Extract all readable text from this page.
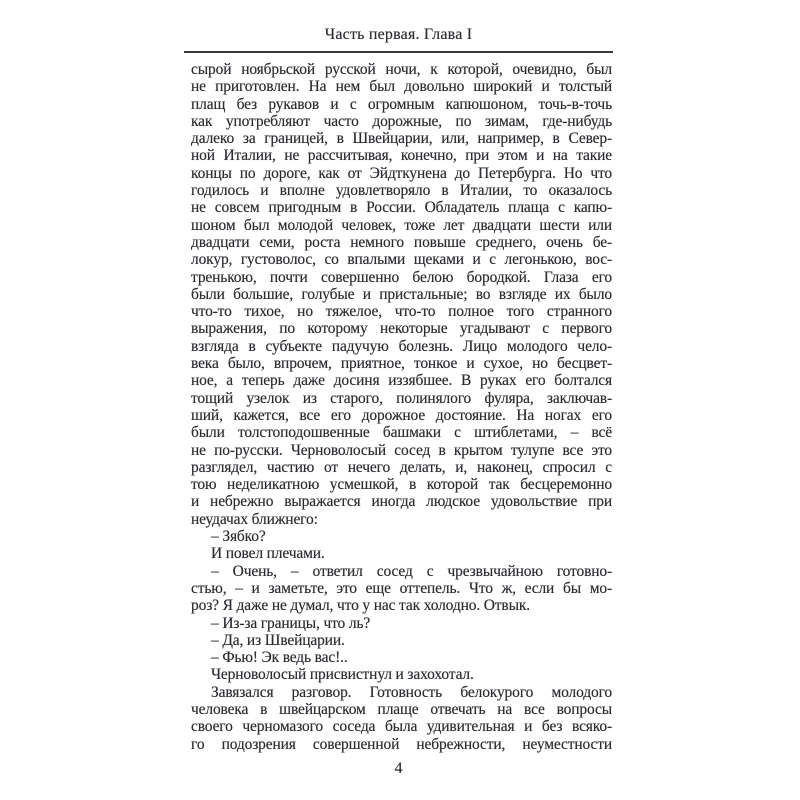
Часть первая. Глава I
сырой ноябрьской русской ночи, к которой, очевидно, был
не приготовлен. На нем был довольно широкий и толстый
плащ без рукавов и с огромным капюшоном, точь-в-точь
как употребляют часто дорожные, по зимам, где-нибудь
далеко за границей, в Швейцарии, или, например, в Север-
ной Италии, не рассчитывая, конечно, при этом и на такие
концы по дороге, как от Эйдткунена до Петербурга. Но что
годилось и вполне удовлетворяло в Италии, то оказалось
не совсем пригодным в России. Обладатель плаща с капю-
шоном был молодой человек, тоже лет двадцати шести или
двадцати семи, роста немного повыше среднего, очень бе-
локур, густоволос, со впалыми щеками и с легонькою, вос-
тренькою, почти совершенно белою бородкой. Глаза его
были большие, голубые и пристальные; во взгляде их было
что-то тихое, но тяжелое, что-то полное того странного
выражения, по которому некоторые угадывают с первого
взгляда в субъекте падучую болезнь. Лицо молодого чело-
века было, впрочем, приятное, тонкое и сухое, но бесцвет-
ное, а теперь даже досиня иззябшее. В руках его болтался
тощий узелок из старого, полинялого фуляра, заключав-
ший, кажется, все его дорожное достояние. На ногах его
были толстоподошвенные башмаки с штиблетами, – всё
не по-русски. Черноволосый сосед в крытом тулупе все это
разглядел, частию от нечего делать, и, наконец, спросил с
тою неделикатною усмешкой, в которой так бесцеремонно
и небрежно выражается иногда людское удовольствие при
неудачах ближнего:
– Зябко?
И повел плечами.
– Очень, – ответил сосед с чрезвычайною готовно-
стью, – и заметьте, это еще оттепель. Что ж, если бы мо-
роз? Я даже не думал, что у нас так холодно. Отвык.
– Из-за границы, что ль?
– Да, из Швейцарии.
– Фью! Эк ведь вас!..
Черноволосый присвистнул и захохотал.
Завязался разговор. Готовность белокурого молодого
человека в швейцарском плаще отвечать на все вопросы
своего черномазого соседа была удивительная и без всяко-
го подозрения совершенной небрежности, неуместности
4
